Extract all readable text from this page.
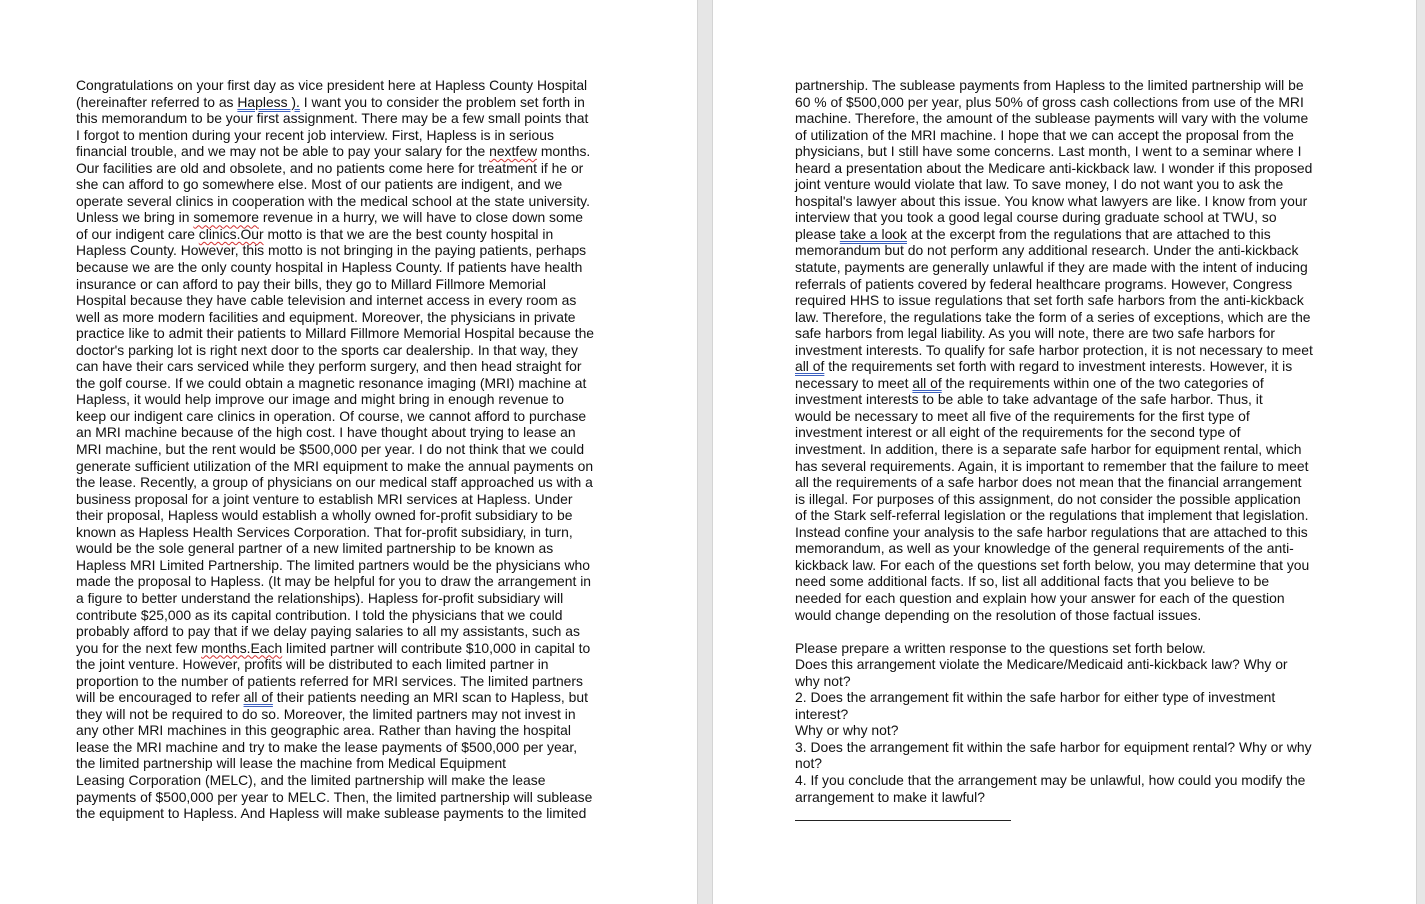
Congratulations on your first day as vice president here at Hapless County Hospital
(hereinafter referred to as Hapless ). I want you to consider the problem set forth in
this memorandum to be your first assignment. There may be a few small points that
I forgot to mention during your recent job interview. First, Hapless is in serious
financial trouble, and we may not be able to pay your salary for the nextfew months.
Our facilities are old and obsolete, and no patients come here for treatment if he or
she can afford to go somewhere else. Most of our patients are indigent, and we
operate several clinics in cooperation with the medical school at the state university.
Unless we bring in somemore revenue in a hurry, we will have to close down some
of our indigent care clinics.Our motto is that we are the best county hospital in
Hapless County. However, this motto is not bringing in the paying patients, perhaps
because we are the only county hospital in Hapless County. If patients have health
insurance or can afford to pay their bills, they go to Millard Fillmore Memorial
Hospital because they have cable television and internet access in every room as
well as more modern facilities and equipment. Moreover, the physicians in private
practice like to admit their patients to Millard Fillmore Memorial Hospital because the
doctor's parking lot is right next door to the sports car dealership. In that way, they
can have their cars serviced while they perform surgery, and then head straight for
the golf course. If we could obtain a magnetic resonance imaging (MRI) machine at
Hapless, it would help improve our image and might bring in enough revenue to
keep our indigent care clinics in operation. Of course, we cannot afford to purchase
an MRI machine because of the high cost. I have thought about trying to lease an
MRI machine, but the rent would be $500,000 per year. I do not think that we could
generate sufficient utilization of the MRI equipment to make the annual payments on
the lease. Recently, a group of physicians on our medical staff approached us with a
business proposal for a joint venture to establish MRI services at Hapless. Under
their proposal, Hapless would establish a wholly owned for-profit subsidiary to be
known as Hapless Health Services Corporation. That for-profit subsidiary, in turn,
would be the sole general partner of a new limited partnership to be known as
Hapless MRI Limited Partnership. The limited partners would be the physicians who
made the proposal to Hapless. (It may be helpful for you to draw the arrangement in
a figure to better understand the relationships). Hapless for-profit subsidiary will
contribute $25,000 as its capital contribution. I told the physicians that we could
probably afford to pay that if we delay paying salaries to all my assistants, such as
you for the next few months.Each limited partner will contribute $10,000 in capital to
the joint venture. However, profits will be distributed to each limited partner in
proportion to the number of patients referred for MRI services. The limited partners
will be encouraged to refer all of their patients needing an MRI scan to Hapless, but
they will not be required to do so. Moreover, the limited partners may not invest in
any other MRI machines in this geographic area. Rather than having the hospital
lease the MRI machine and try to make the lease payments of $500,000 per year,
the limited partnership will lease the machine from Medical Equipment
Leasing Corporation (MELC), and the limited partnership will make the lease
payments of $500,000 per year to MELC. Then, the limited partnership will sublease
the equipment to Hapless. And Hapless will make sublease payments to the limited
partnership. The sublease payments from Hapless to the limited partnership will be
60 % of $500,000 per year, plus 50% of gross cash collections from use of the MRI
machine. Therefore, the amount of the sublease payments will vary with the volume
of utilization of the MRI machine. I hope that we can accept the proposal from the
physicians, but I still have some concerns. Last month, I went to a seminar where I
heard a presentation about the Medicare anti-kickback law. I wonder if this proposed
joint venture would violate that law. To save money, I do not want you to ask the
hospital's lawyer about this issue. You know what lawyers are like. I know from your
interview that you took a good legal course during graduate school at TWU, so
please take a look at the excerpt from the regulations that are attached to this
memorandum but do not perform any additional research. Under the anti-kickback
statute, payments are generally unlawful if they are made with the intent of inducing
referrals of patients covered by federal healthcare programs. However, Congress
required HHS to issue regulations that set forth safe harbors from the anti-kickback
law. Therefore, the regulations take the form of a series of exceptions, which are the
safe harbors from legal liability. As you will note, there are two safe harbors for
investment interests. To qualify for safe harbor protection, it is not necessary to meet
all of the requirements set forth with regard to investment interests. However, it is
necessary to meet all of the requirements within one of the two categories of
investment interests to be able to take advantage of the safe harbor. Thus, it
would be necessary to meet all five of the requirements for the first type of
investment interest or all eight of the requirements for the second type of
investment. In addition, there is a separate safe harbor for equipment rental, which
has several requirements. Again, it is important to remember that the failure to meet
all the requirements of a safe harbor does not mean that the financial arrangement
is illegal. For purposes of this assignment, do not consider the possible application
of the Stark self-referral legislation or the regulations that implement that legislation.
Instead confine your analysis to the safe harbor regulations that are attached to this
memorandum, as well as your knowledge of the general requirements of the anti-
kickback law. For each of the questions set forth below, you may determine that you
need some additional facts. If so, list all additional facts that you believe to be
needed for each question and explain how your answer for each of the question
would change depending on the resolution of those factual issues.
Please prepare a written response to the questions set forth below.
Does this arrangement violate the Medicare/Medicaid anti-kickback law? Why or
why not?
2. Does the arrangement fit within the safe harbor for either type of investment
interest?
Why or why not?
3. Does the arrangement fit within the safe harbor for equipment rental? Why or why
not?
4. If you conclude that the arrangement may be unlawful, how could you modify the
arrangement to make it lawful?
